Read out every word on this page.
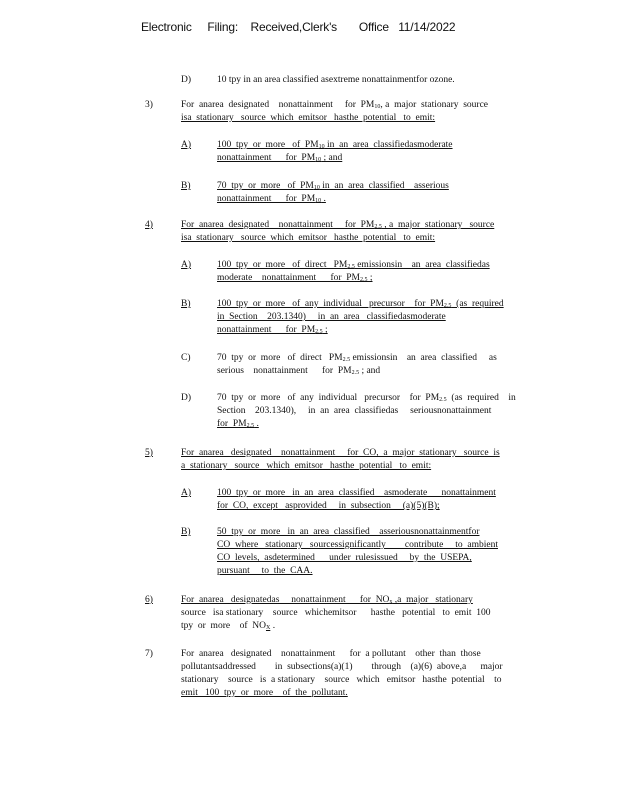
Electronic     Filing:    Received,Clerk's       Office   11/14/2022
D)	10 tpy in an area classified asextreme nonattainmentfor ozone.
3)	For  anarea  designated    nonattainment     for  $PM_{10}$, a  major  stationary  source
isa  stationary   source  which  emitsor   hasthe  potential   to  emit:
A)	100  tpy  or  more   of  $PM_{10}$ in  an  area  classifiedasmoderate
nonattainment      for  $PM_{10}$ ; and
B)	70  tpy  or  more   of  $PM_{10}$ in  an  area  classified    asserious
nonattainment      for  $PM_{10}$ .
4)	For  anarea  designated    nonattainment     for  $PM_{2.5}$ , a  major  stationary   source
isa  stationary   source  which  emitsor   hasthe  potential   to  emit:
A)	100  tpy  or  more   of  direct   $PM_{2.5}$ emissionsin    an  area  classifiedas
moderate    nonattainment      for  $PM_{2.5}$ ;
B)	100  tpy  or  more   of  any  individual   precursor    for  $PM_{2.5}$  (as  required
in  Section    203.1340)     in  an  area   classifiedasmoderate
nonattainment      for  $PM_{2.5}$ ;
C)	70  tpy  or  more   of  direct   $PM_{2.5}$ emissionsin    an  area  classified     as
serious    nonattainment      for  $PM_{2.5}$ ; and
D)	70  tpy  or  more   of  any  individual   precursor    for  $PM_{2.5}$  (as  required    in
Section    203.1340),     in  an  area  classifiedas     seriousnonattainment
for  $PM_{2.5}$ .
5)	For  anarea   designated    nonattainment     for  CO,  a  major  stationary   source  is
a  stationary   source   which  emitsor   hasthe  potential   to  emit:
A)	100  tpy  or  more   in  an  area  classified    asmoderate      nonattainment
for  CO,  except   asprovided     in  subsection     (a)(5)(B);
B)	50  tpy  or  more   in  an  area  classified    asseriousnonattainmentfor
CO  where   stationary   sourcessignificantly        contribute     to  ambient
CO  levels,  asdetermined      under  rulesissued     by  the  USEPA,
pursuant     to  the  CAA.
6)	For  anarea   designatedas     nonattainment      for  $NO_x$ ,a  major   stationary
source   isa stationary    source   whichemitsor      hasthe   potential   to  emit  100
tpy  or  more    of  $NO_X$ .
7)	For  anarea   designated    nonattainment      for  a pollutant    other  than  those
pollutantsaddressed        in  subsections(a)(1)        through    (a)(6)  above,a      major
stationary    source   is  a stationary    source   which   emitsor   hasthe  potential    to
emit   100  tpy  or  more    of  the  pollutant.
